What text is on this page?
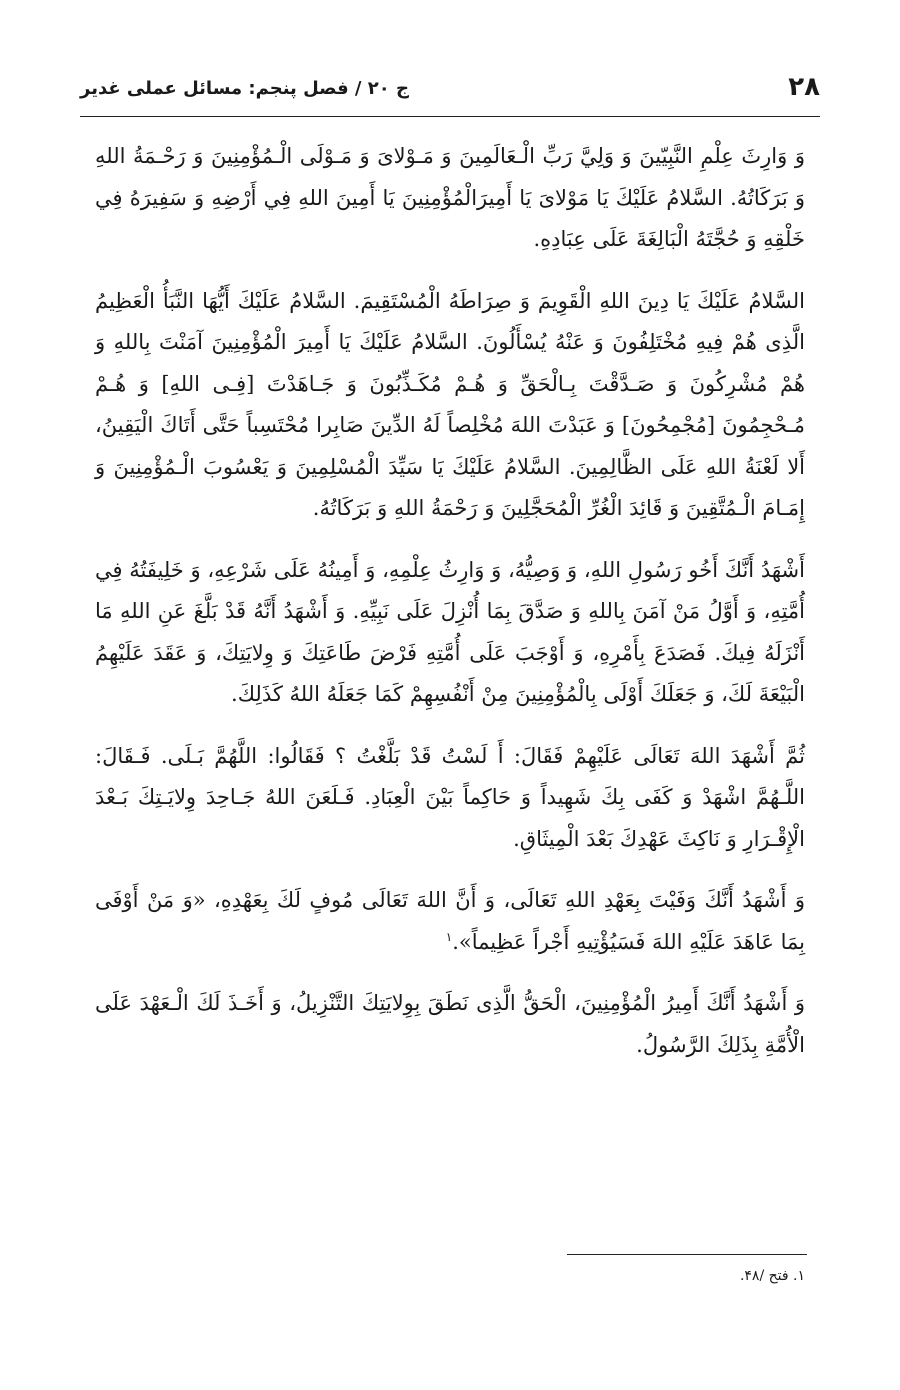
۲۸
ج ۲۰ / فصل پنجم: مسائل عملی غدیر

وَ وَارِثَ عِلْمِ النَّبِيّينَ وَ وَلِيَّ رَبِّ الْـعَالَمِينَ وَ مَـوْلاىَ وَ مَـوْلَى الْـمُؤْمِنِينَ وَ رَحْـمَةُ اللهِ وَ بَرَكَاتُهُ. السَّلامُ عَلَيْكَ يَا مَوْلاىَ يَا أَمِيرَالْمُؤْمِنِينَ يَا أَمِينَ اللهِ فِي أَرْضِهِ وَ سَفِيرَهُ فِي خَلْقِهِ وَ حُجَّتَهُ الْبَالِغَةَ عَلَى عِبَادِهِ.

السَّلامُ عَلَيْكَ يَا دِينَ اللهِ الْقَوِيمَ وَ صِرَاطَهُ الْمُسْتَقِيمَ. السَّلامُ عَلَيْكَ أَيُّهَا النَّبَأُ الْعَظِيمُ الَّذِى هُمْ فِيهِ مُخْتَلِفُونَ وَ عَنْهُ يُسْأَلُونَ. السَّلامُ عَلَيْكَ يَا أَمِيرَ الْمُؤْمِنِينَ آمَنْتَ بِاللهِ وَ هُمْ مُشْرِكُونَ وَ صَـدَّقْتَ بِـالْحَقِّ وَ هُـمْ مُكَـذِّبُونَ وَ جَـاهَدْتَ [فِـى اللهِ] وَ هُـمْ مُـحْجِمُونَ [مُجْمِحُونَ] وَ عَبَدْتَ اللهَ مُخْلِصاً لَهُ الدِّينَ صَابِرا مُحْتَسِباً حَتَّى أَتَاكَ الْيَقِينُ، أَلا لَعْنَةُ اللهِ عَلَى الظَّالِمِينَ. السَّلامُ عَلَيْكَ يَا سَيِّدَ الْمُسْلِمِينَ وَ يَعْسُوبَ الْـمُؤْمِنِينَ وَ إِمَـامَ الْـمُتَّقِينَ وَ قَائِدَ الْغُرِّ الْمُحَجَّلِينَ وَ رَحْمَةُ اللهِ وَ بَرَكَاتُهُ.

أَشْهَدُ أَنَّكَ أَخُو رَسُولِ اللهِ، وَ وَصِيُّهُ، وَ وَارِثُ عِلْمِهِ، وَ أَمِينُهُ عَلَى شَرْعِهِ، وَ خَلِيفَتُهُ فِي أُمَّتِهِ، وَ أَوَّلُ مَنْ آمَنَ بِاللهِ وَ صَدَّقَ بِمَا أُنْزِلَ عَلَى نَبِيِّهِ. وَ أَشْهَدُ أَنَّهُ قَدْ بَلَّغَ عَنِ اللهِ مَا أَنْزَلَهُ فِيكَ. فَصَدَعَ بِأَمْرِهِ، وَ أَوْجَبَ عَلَى أُمَّتِهِ فَرْضَ طَاعَتِكَ وَ وِلايَتِكَ، وَ عَقَدَ عَلَيْهِمُ الْبَيْعَةَ لَكَ، وَ جَعَلَكَ أَوْلَى بِالْمُؤْمِنِينَ مِنْ أَنْفُسِهِمْ كَمَا جَعَلَهُ اللهُ كَذَلِكَ.

ثُمَّ أَشْهَدَ اللهَ تَعَالَى عَلَيْهِمْ فَقَالَ: أَ لَسْتُ قَدْ بَلَّغْتُ ؟ فَقَالُوا: اللَّهُمَّ بَـلَى. فَـقَالَ: اللَّـهُمَّ اشْهَدْ وَ كَفَى بِكَ شَهِيداً وَ حَاكِماً بَيْنَ الْعِبَادِ. فَـلَعَنَ اللهُ جَـاحِدَ وِلايَـتِكَ بَـعْدَ الْإِقْـرَارِ وَ نَاكِثَ عَهْدِكَ بَعْدَ الْمِيثَاقِ.

وَ أَشْهَدُ أَنَّكَ وَفَيْتَ بِعَهْدِ اللهِ تَعَالَى، وَ أَنَّ اللهَ تَعَالَى مُوفٍ لَكَ بِعَهْدِهِ، «وَ مَنْ أَوْفَى بِمَا عَاهَدَ عَلَيْهِ اللهَ فَسَيُؤْتِيهِ أَجْراً عَظِيماً».$^۱$

وَ أَشْهَدُ أَنَّكَ أَمِيرُ الْمُؤْمِنِينَ، الْحَقُّ الَّذِى نَطَقَ بِوِلايَتِكَ التَّنْزِيلُ، وَ أَخَـذَ لَكَ الْـعَهْدَ عَلَى الْأُمَّةِ بِذَلِكَ الرَّسُولُ.

۱. فتح /۴۸.
